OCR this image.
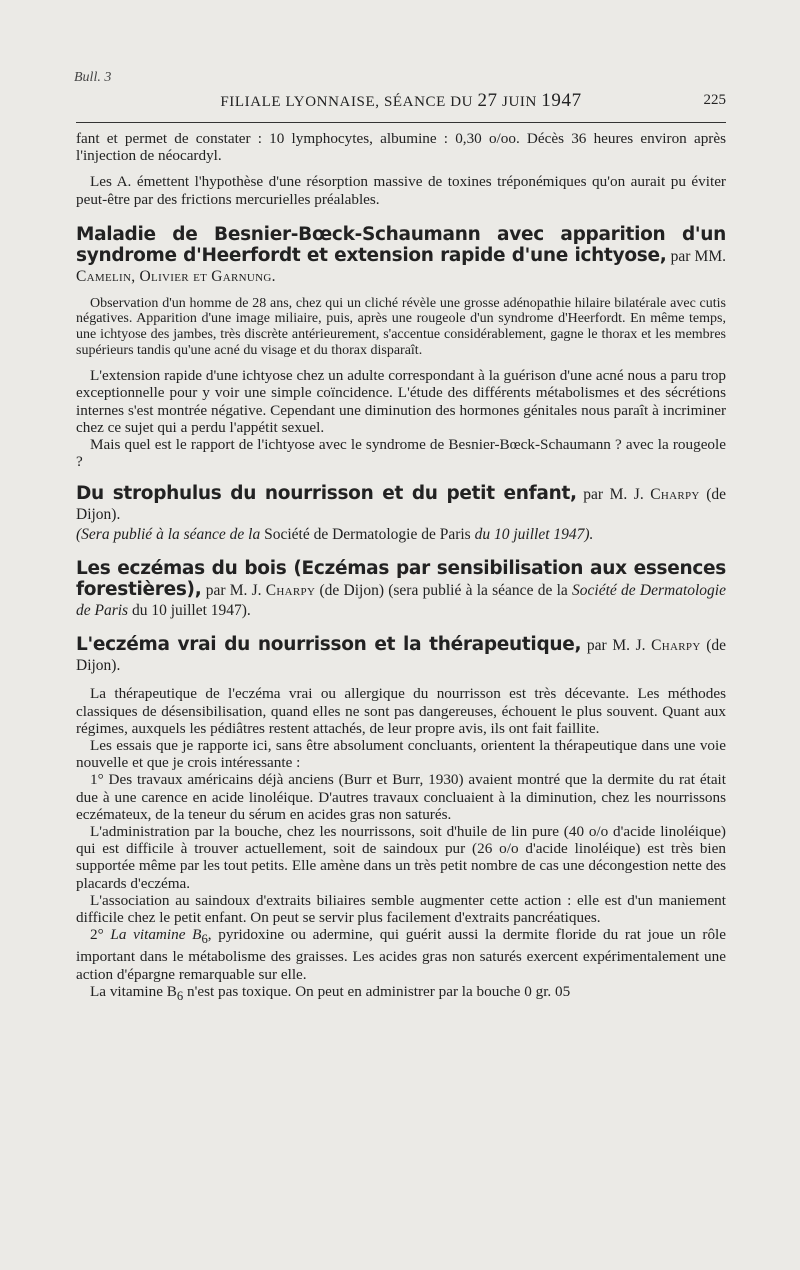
Bull. 3
FILIALE LYONNAISE, SÉANCE DU 27 JUIN 1947	225

fant et permet de constater : 10 lymphocytes, albumine : 0,30 o/oo. Décès 36 heures environ après l'injection de néocardyl.

Les A. émettent l'hypothèse d'une résorption massive de toxines tréponémiques qu'on aurait pu éviter peut-être par des frictions mercurielles préalables.

Maladie de Besnier-Bœck-Schaumann avec apparition d'un syndrome d'Heerfordt et extension rapide d'une ichtyose, par MM. Camelin, Olivier et Garnung.

Observation d'un homme de 28 ans, chez qui un cliché révèle une grosse adénopathie hilaire bilatérale avec cutis négatives. Apparition d'une image miliaire, puis, après une rougeole d'un syndrome d'Heerfordt. En même temps, une ichtyose des jambes, très discrète antérieurement, s'accentue considérablement, gagne le thorax et les membres supérieurs tandis qu'une acné du visage et du thorax disparaît.

L'extension rapide d'une ichtyose chez un adulte correspondant à la guérison d'une acné nous a paru trop exceptionnelle pour y voir une simple coïncidence. L'étude des différents métabolismes et des sécrétions internes s'est montrée négative. Cependant une diminution des hormones génitales nous paraît à incriminer chez ce sujet qui a perdu l'appétit sexuel.

Mais quel est le rapport de l'ichtyose avec le syndrome de Besnier-Bœck-Schaumann ? avec la rougeole ?

Du strophulus du nourrisson et du petit enfant, par M. J. Charpy (de Dijon).

(Sera publié à la séance de la Société de Dermatologie de Paris du 10 juillet 1947).

Les eczémas du bois (Eczémas par sensibilisation aux essences forestières), par M. J. Charpy (de Dijon) (sera publié à la séance de la Société de Dermatologie de Paris du 10 juillet 1947).

L'eczéma vrai du nourrisson et la thérapeutique, par M. J. Charpy (de Dijon).

La thérapeutique de l'eczéma vrai ou allergique du nourrisson est très décevante. Les méthodes classiques de désensibilisation, quand elles ne sont pas dangereuses, échouent le plus souvent. Quant aux régimes, auxquels les pédiâtres restent attachés, de leur propre avis, ils ont fait faillite.

Les essais que je rapporte ici, sans être absolument concluants, orientent la thérapeutique dans une voie nouvelle et que je crois intéressante :

1° Des travaux américains déjà anciens (Burr et Burr, 1930) avaient montré que la dermite du rat était due à une carence en acide linoléique. D'autres travaux concluaient à la diminution, chez les nourrissons eczémateux, de la teneur du sérum en acides gras non saturés.

L'administration par la bouche, chez les nourrissons, soit d'huile de lin pure (40 o/o d'acide linoléique) qui est difficile à trouver actuellement, soit de saindoux pur (26 o/o d'acide linoléique) est très bien supportée même par les tout petits. Elle amène dans un très petit nombre de cas une décongestion nette des placards d'eczéma.

L'association au saindoux d'extraits biliaires semble augmenter cette action : elle est d'un maniement difficile chez le petit enfant. On peut se servir plus facilement d'extraits pancréatiques.

2° La vitamine $B_6$, pyridoxine ou adermine, qui guérit aussi la dermite floride du rat joue un rôle important dans le métabolisme des graisses. Les acides gras non saturés exercent expérimentalement une action d'épargne remarquable sur elle.

La vitamine $B_6$ n'est pas toxique. On peut en administrer par la bouche 0 gr. 05
